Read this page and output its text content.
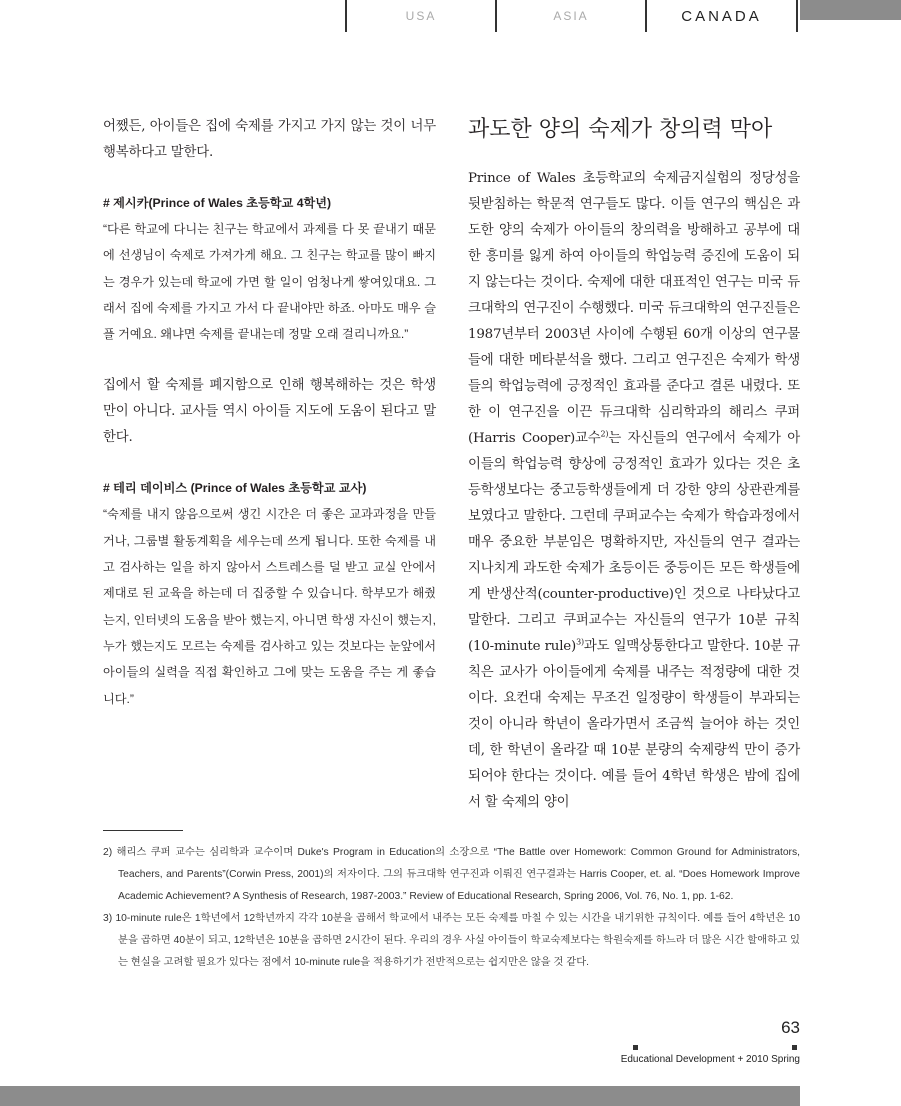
USA	ASIA	CANADA

어쨌든, 아이들은 집에 숙제를 가지고 가지 않는 것이 너무 행복하다고 말한다.

# 제시카(Prince of Wales 초등학교 4학년)

“다른 학교에 다니는 친구는 학교에서 과제를 다 못 끝내기 때문에 선생님이 숙제로 가져가게 해요. 그 친구는 학교를 많이 빠지는 경우가 있는데 학교에 가면 할 일이 엄청나게 쌓여있대요. 그래서 집에 숙제를 가지고 가서 다 끝내야만 하죠. 아마도 매우 슬플 거예요. 왜냐면 숙제를 끝내는데 정말 오래 걸리니까요.”

집에서 할 숙제를 폐지함으로 인해 행복해하는 것은 학생만이 아니다. 교사들 역시 아이들 지도에 도움이 된다고 말한다.

# 테리 데이비스 (Prince of Wales 초등학교 교사)

“숙제를 내지 않음으로써 생긴 시간은 더 좋은 교과과정을 만들거나, 그룹별 활동계획을 세우는데 쓰게 됩니다. 또한 숙제를 내고 검사하는 일을 하지 않아서 스트레스를 덜 받고 교실 안에서 제대로 된 교육을 하는데 더 집중할 수 있습니다. 학부모가 해줬는지, 인터넷의 도움을 받아 했는지, 아니면 학생 자신이 했는지, 누가 했는지도 모르는 숙제를 검사하고 있는 것보다는 눈앞에서 아이들의 실력을 직접 확인하고 그에 맞는 도움을 주는 게 좋습니다.”

과도한 양의 숙제가 창의력 막아

Prince of Wales 초등학교의 숙제금지실험의 정당성을 뒷받침하는 학문적 연구들도 많다. 이들 연구의 핵심은 과도한 양의 숙제가 아이들의 창의력을 방해하고 공부에 대한 흥미를 잃게 하여 아이들의 학업능력 증진에 도움이 되지 않는다는 것이다. 숙제에 대한 대표적인 연구는 미국 듀크대학의 연구진이 수행했다. 미국 듀크대학의 연구진들은 1987년부터 2003년 사이에 수행된 60개 이상의 연구물들에 대한 메타분석을 했다. 그리고 연구진은 숙제가 학생들의 학업능력에 긍정적인 효과를 준다고 결론 내렸다. 또한 이 연구진을 이끈 듀크대학 심리학과의 해리스 쿠퍼(Harris Cooper)교수$^{2)}$는 자신들의 연구에서 숙제가 아이들의 학업능력 향상에 긍정적인 효과가 있다는 것은 초등학생보다는 중고등학생들에게 더 강한 양의 상관관계를 보였다고 말한다. 그런데 쿠퍼교수는 숙제가 학습과정에서 매우 중요한 부분임은 명확하지만, 자신들의 연구 결과는 지나치게 과도한 숙제가 초등이든 중등이든 모든 학생들에게 반생산적(counter-productive)인 것으로 나타났다고 말한다. 그리고 쿠퍼교수는 자신들의 연구가 10분 규칙(10-minute rule)$^{3)}$과도 일맥상통한다고 말한다. 10분 규칙은 교사가 아이들에게 숙제를 내주는 적정량에 대한 것이다. 요컨대 숙제는 무조건 일정량이 학생들이 부과되는 것이 아니라 학년이 올라가면서 조금씩 늘어야 하는 것인데, 한 학년이 올라갈 때 10분 분량의 숙제량씩 만이 증가되어야 한다는 것이다. 예를 들어 4학년 학생은 밤에 집에서 할 숙제의 양이

2) 해리스 쿠퍼 교수는 심리학과 교수이며 Duke's Program in Education의 소장으로 “The Battle over Homework: Common Ground for Administrators, Teachers, and Parents”(Corwin Press, 2001)의 저자이다. 그의 듀크대학 연구진과 이뤄진 연구결과는 Harris Cooper, et. al. “Does Homework Improve Academic Achievement? A Synthesis of Research, 1987-2003.” Review of Educational Research, Spring 2006, Vol. 76, No. 1, pp. 1-62.

3) 10-minute rule은 1학년에서 12학년까지 각각 10분을 곱해서 학교에서 내주는 모든 숙제를 마칠 수 있는 시간을 내기위한 규칙이다. 예를 들어 4학년은 10분을 곱하면 40분이 되고, 12학년은 10분을 곱하면 2시간이 된다. 우리의 경우 사실 아이들이 학교숙제보다는 학원숙제를 하느라 더 많은 시간 할애하고 있는 현실을 고려할 필요가 있다는 점에서 10-minute rule을 적용하기가 전반적으로는 쉽지만은 않을 것 같다.

63
Educational Development + 2010 Spring
